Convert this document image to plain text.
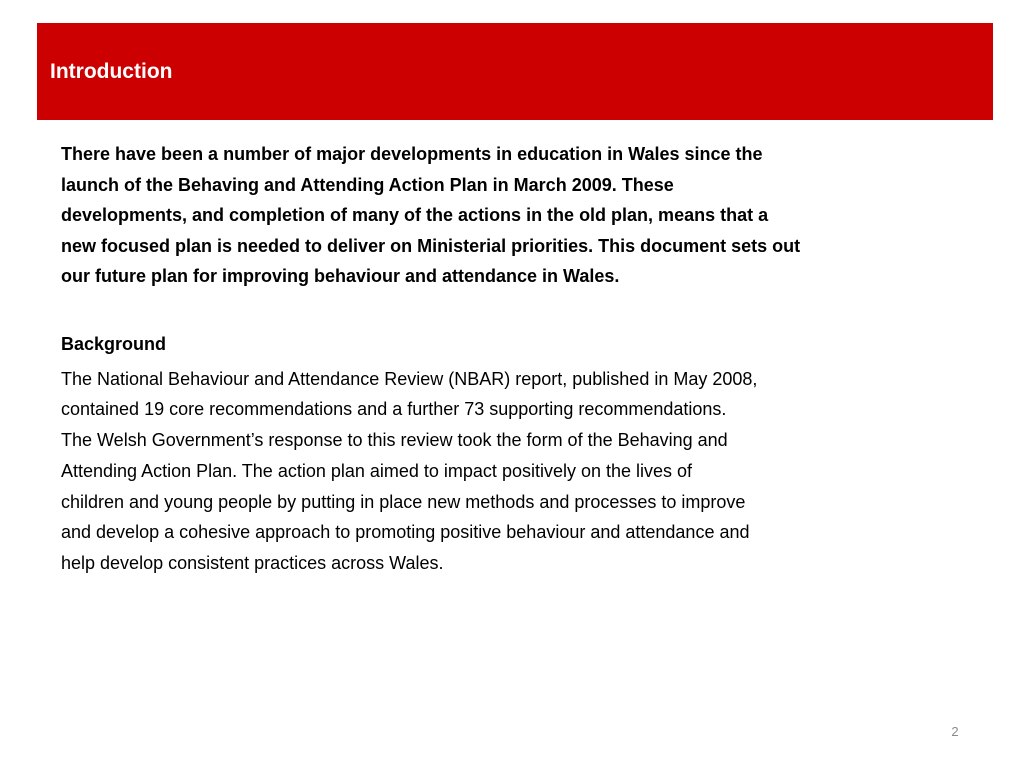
Introduction

There have been a number of major developments in education in Wales since the
launch of the Behaving and Attending Action Plan in March 2009. These
developments, and completion of many of the actions in the old plan, means that a
new focused plan is needed to deliver on Ministerial priorities. This document sets out
our future plan for improving behaviour and attendance in Wales.

Background

The National Behaviour and Attendance Review (NBAR) report, published in May 2008,
contained 19 core recommendations and a further 73 supporting recommendations.
The Welsh Government’s response to this review took the form of the Behaving and
Attending Action Plan. The action plan aimed to impact positively on the lives of
children and young people by putting in place new methods and processes to improve
and develop a cohesive approach to promoting positive behaviour and attendance and
help develop consistent practices across Wales.

2
